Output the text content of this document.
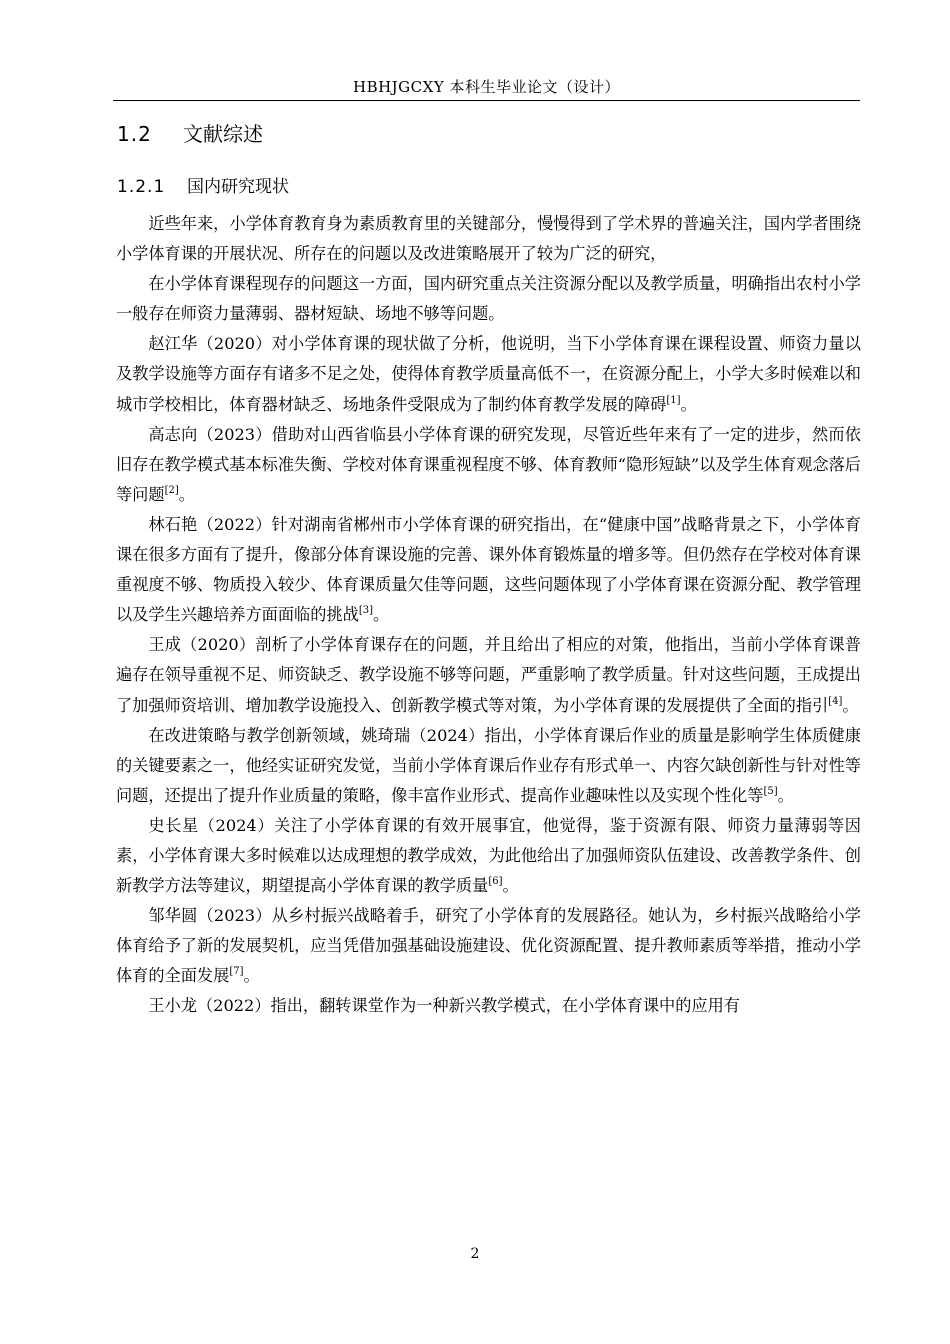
HBHJGCXY 本科生毕业论文（设计）
1.2 文献综述
1.2.1 国内研究现状

近些年来，小学体育教育身为素质教育里的关键部分，慢慢得到了学术界的普遍关注，国内学者围绕小学体育课的开展状况、所存在的问题以及改进策略展开了较为广泛的研究，

在小学体育课程现存的问题这一方面，国内研究重点关注资源分配以及教学质量，明确指出农村小学一般存在师资力量薄弱、器材短缺、场地不够等问题。

赵江华（2020）对小学体育课的现状做了分析，他说明，当下小学体育课在课程设置、师资力量以及教学设施等方面存有诸多不足之处，使得体育教学质量高低不一，在资源分配上，小学大多时候难以和城市学校相比，体育器材缺乏、场地条件受限成为了制约体育教学发展的障碍[1]。

高志向（2023）借助对山西省临县小学体育课的研究发现，尽管近些年来有了一定的进步，然而依旧存在教学模式基本标准失衡、学校对体育课重视程度不够、体育教师“隐形短缺”以及学生体育观念落后等问题[2]。

林石艳（2022）针对湖南省郴州市小学体育课的研究指出，在“健康中国”战略背景之下，小学体育课在很多方面有了提升，像部分体育课设施的完善、课外体育锻炼量的增多等。但仍然存在学校对体育课重视度不够、物质投入较少、体育课质量欠佳等问题，这些问题体现了小学体育课在资源分配、教学管理以及学生兴趣培养方面面临的挑战[3]。

王成（2020）剖析了小学体育课存在的问题，并且给出了相应的对策，他指出，当前小学体育课普遍存在领导重视不足、师资缺乏、教学设施不够等问题，严重影响了教学质量。针对这些问题，王成提出了加强师资培训、增加教学设施投入、创新教学模式等对策，为小学体育课的发展提供了全面的指引[4]。

在改进策略与教学创新领域，姚琦瑞（2024）指出，小学体育课后作业的质量是影响学生体质健康的关键要素之一，他经实证研究发觉，当前小学体育课后作业存有形式单一、内容欠缺创新性与针对性等问题，还提出了提升作业质量的策略，像丰富作业形式、提高作业趣味性以及实现个性化等[5]。

史长星（2024）关注了小学体育课的有效开展事宜，他觉得，鉴于资源有限、师资力量薄弱等因素，小学体育课大多时候难以达成理想的教学成效，为此他给出了加强师资队伍建设、改善教学条件、创新教学方法等建议，期望提高小学体育课的教学质量[6]。

邹华圆（2023）从乡村振兴战略着手，研究了小学体育的发展路径。她认为，乡村振兴战略给小学体育给予了新的发展契机，应当凭借加强基础设施建设、优化资源配置、提升教师素质等举措，推动小学体育的全面发展[7]。

王小龙（2022）指出，翻转课堂作为一种新兴教学模式，在小学体育课中的应用有

2
